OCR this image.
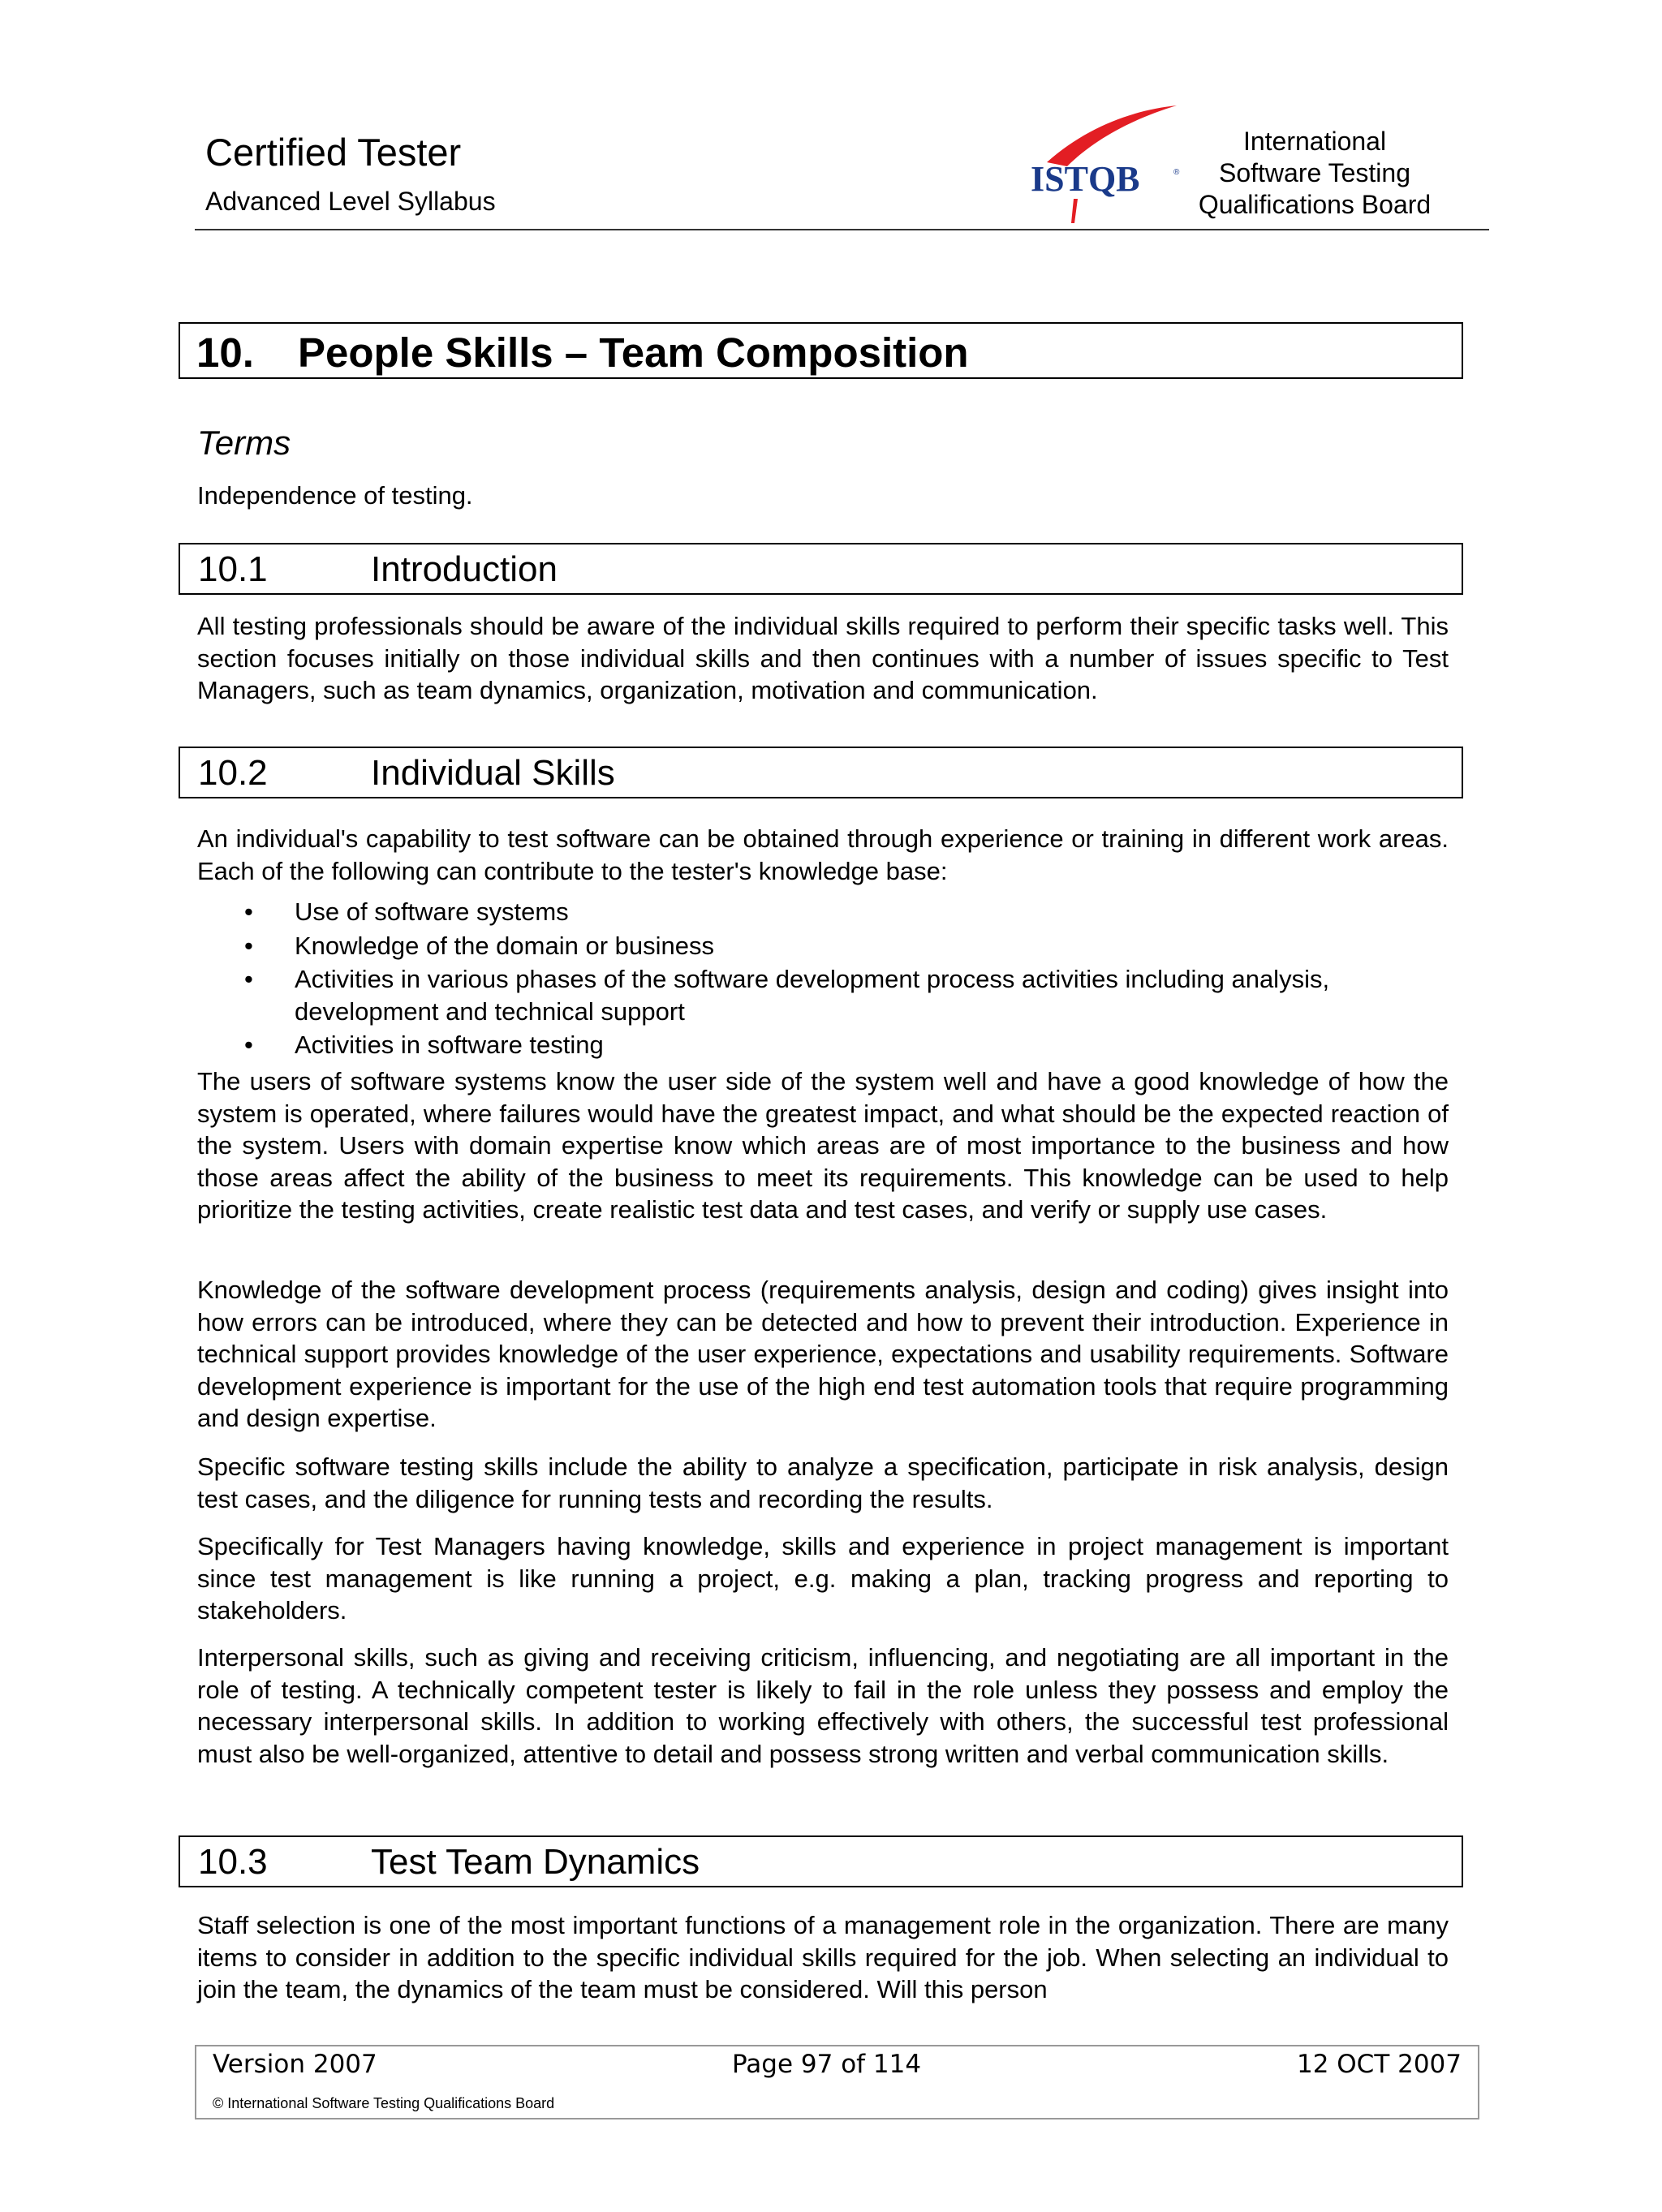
Certified Tester
Advanced Level Syllabus
ISTQB	®
International
Software Testing
Qualifications Board
10. People Skills – Team Composition
Terms
Independence of testing.
10.1	Introduction
All testing professionals should be aware of the individual skills required to perform their specific tasks well. This section focuses initially on those individual skills and then continues with a number of issues specific to Test Managers, such as team dynamics, organization, motivation and communication.
10.2	Individual Skills
An individual's capability to test software can be obtained through experience or training in different work areas. Each of the following can contribute to the tester's knowledge base:
• Use of software systems
• Knowledge of the domain or business
• Activities in various phases of the software development process activities including analysis, development and technical support
• Activities in software testing
The users of software systems know the user side of the system well and have a good knowledge of how the system is operated, where failures would have the greatest impact, and what should be the expected reaction of the system. Users with domain expertise know which areas are of most importance to the business and how those areas affect the ability of the business to meet its requirements. This knowledge can be used to help prioritize the testing activities, create realistic test data and test cases, and verify or supply use cases.
Knowledge of the software development process (requirements analysis, design and coding) gives insight into how errors can be introduced, where they can be detected and how to prevent their introduction. Experience in technical support provides knowledge of the user experience, expectations and usability requirements. Software development experience is important for the use of the high end test automation tools that require programming and design expertise.
Specific software testing skills include the ability to analyze a specification, participate in risk analysis, design test cases, and the diligence for running tests and recording the results.
Specifically for Test Managers having knowledge, skills and experience in project management is important since test management is like running a project, e.g. making a plan, tracking progress and reporting to stakeholders.
Interpersonal skills, such as giving and receiving criticism, influencing, and negotiating are all important in the role of testing. A technically competent tester is likely to fail in the role unless they possess and employ the necessary interpersonal skills. In addition to working effectively with others, the successful test professional must also be well-organized, attentive to detail and possess strong written and verbal communication skills.
10.3	Test Team Dynamics
Staff selection is one of the most important functions of a management role in the organization. There are many items to consider in addition to the specific individual skills required for the job. When selecting an individual to join the team, the dynamics of the team must be considered. Will this person
Version 2007	Page 97 of 114	12 OCT 2007
© International Software Testing Qualifications Board
